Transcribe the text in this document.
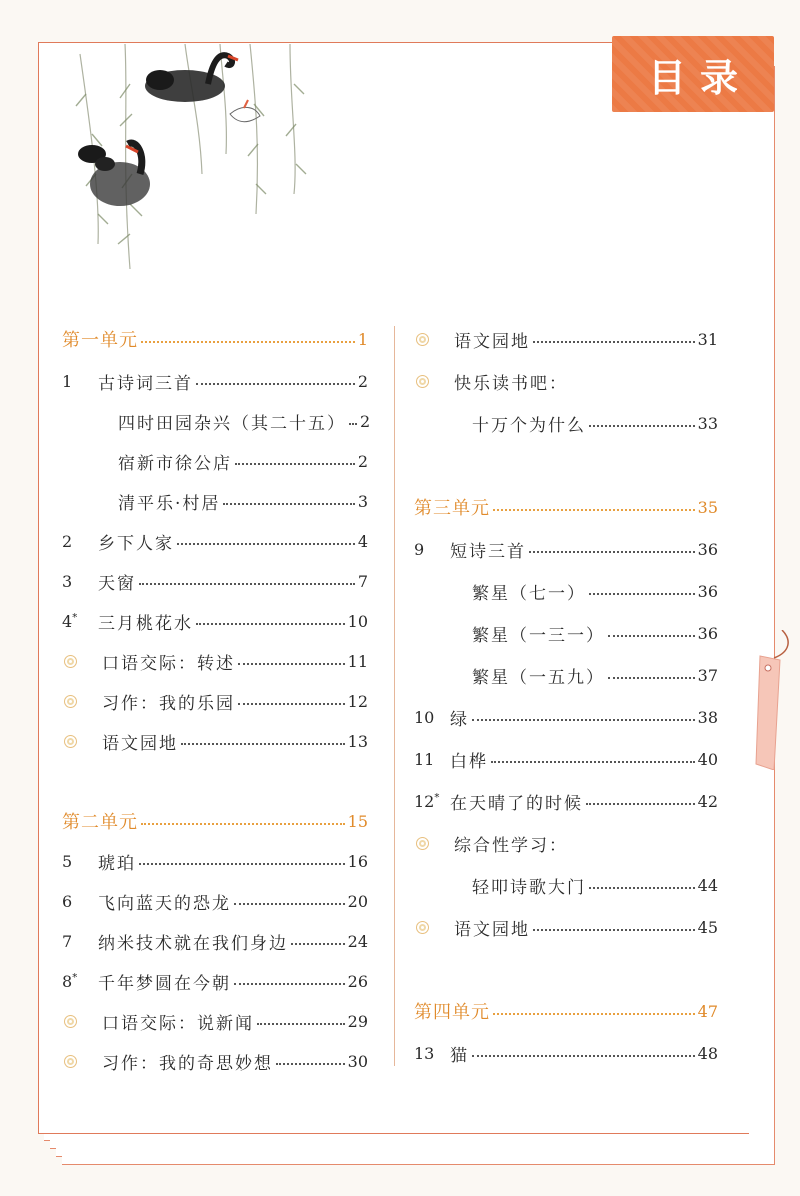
目录
第一单元	1
1	古诗词三首	2
四时田园杂兴（其二十五） 2
宿新市徐公店	2
清平乐·村居	3
2	乡下人家	4
3	天窗	7
4*	三月桃花水	10
口语交际：转述	11
习作：我的乐园	12
语文园地	13
第二单元	15
5	琥珀	16
6	飞向蓝天的恐龙	20
7	纳米技术就在我们身边	24
8*	千年梦圆在今朝	26
口语交际：说新闻	29
习作：我的奇思妙想	30
语文园地	31
快乐读书吧：
十万个为什么	33
第三单元	35
9	短诗三首	36
繁星（七一）	36
繁星（一三一）	36
繁星（一五九）	37
10 绿	38
11 白桦	40
12* 在天晴了的时候	42
综合性学习：
轻叩诗歌大门	44
语文园地	45
第四单元	47
13 猫	48
